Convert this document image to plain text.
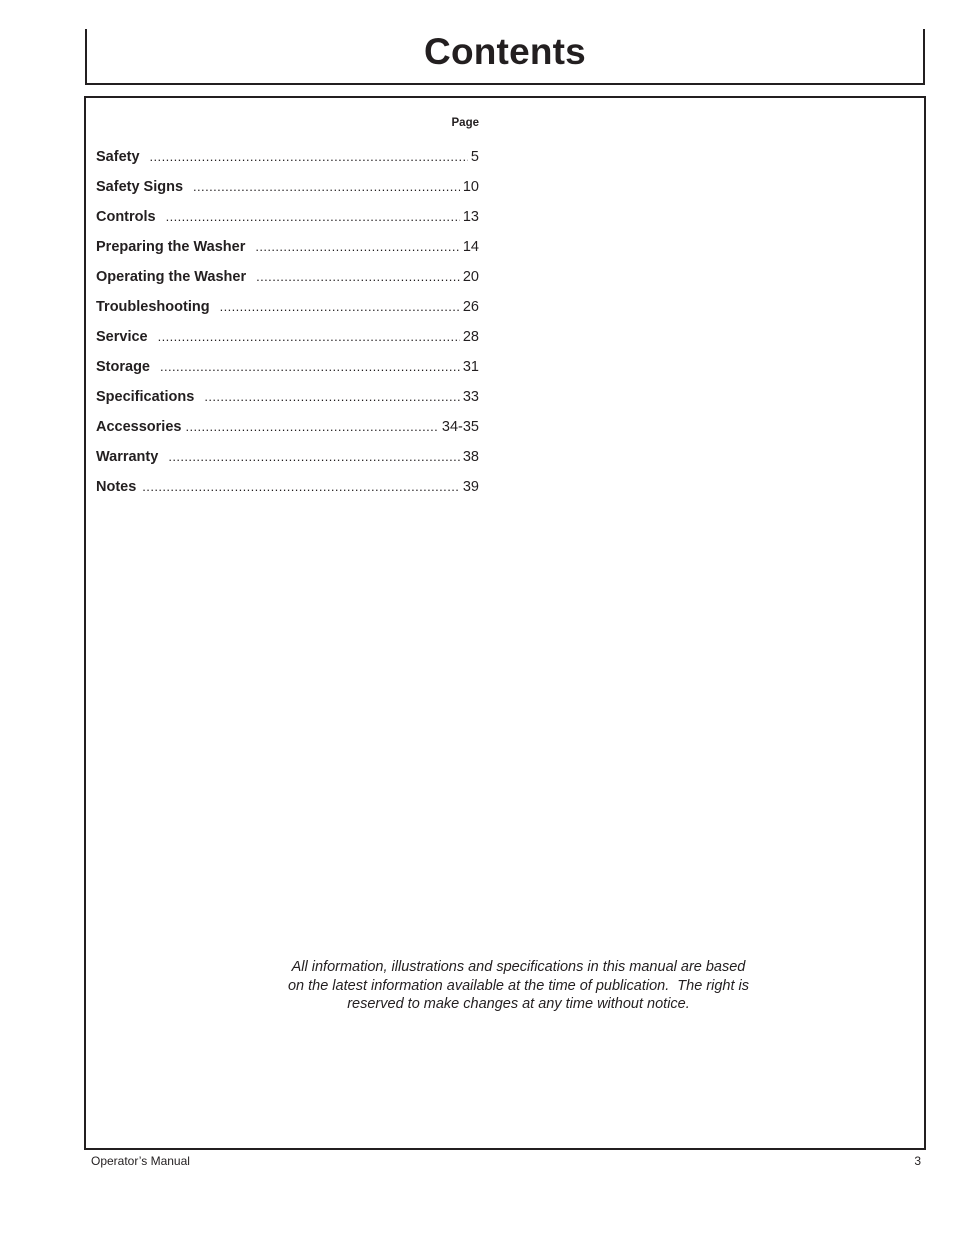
Contents
Page
Safety .....	5
Safety Signs .....	10
Controls .....	13
Preparing the Washer .....	14
Operating the Washer .....	20
Troubleshooting .....	26
Service .....	28
Storage .....	31
Specifications .....	33
Accessories .....	34-35
Warranty .....	38
Notes .....	39
All information, illustrations and specifications in this manual are based
on the latest information available at the time of publication.  The right is
reserved to make changes at any time without notice.
Operator’s Manual	3
